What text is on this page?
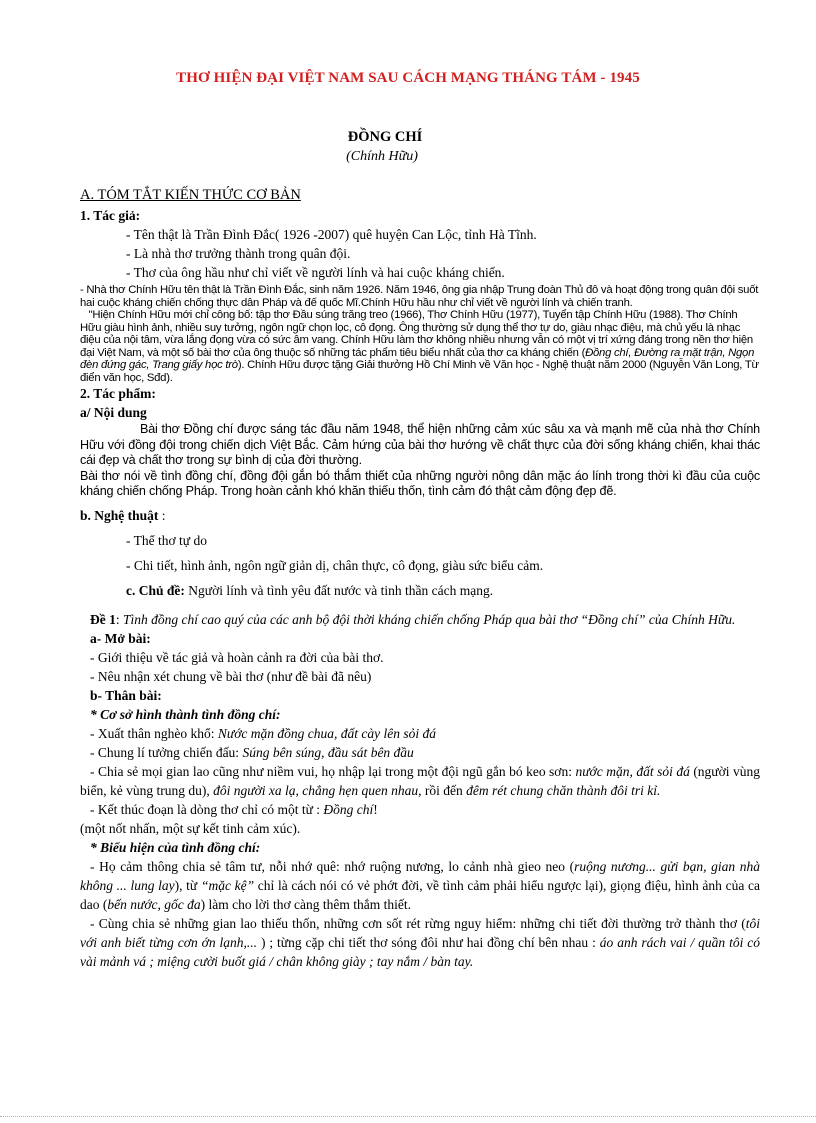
THƠ HIỆN ĐẠI VIỆT NAM SAU CÁCH MẠNG THÁNG TÁM - 1945
ĐỒNG CHÍ
(Chính Hữu)
A. TÓM TẮT KIẾN THỨC CƠ BẢN
1. Tác giả:
- Tên thật là Trần Đình Đắc( 1926 -2007) quê huyện Can Lộc, tỉnh Hà Tĩnh.
- Là nhà thơ trưởng thành trong quân đội.
- Thơ của ông hầu như chỉ viết về người lính và hai cuộc kháng chiến.

- Nhà thơ Chính Hữu tên thật là Trần Đình Đắc, sinh năm 1926. Năm 1946, ông gia nhập Trung đoàn Thủ đô và hoạt động trong quân đội suốt hai cuộc kháng chiến chống thực dân Pháp và đế quốc Mĩ.Chính Hữu hầu như chỉ viết về người lính và chiến tranh.

"Hiện Chính Hữu mới chỉ công bố: tập thơ Đầu súng trăng treo (1966), Thơ Chính Hữu (1977), Tuyển tập Chính Hữu (1988). Thơ Chính Hữu giàu hình ảnh, nhiều suy tưởng, ngôn ngữ chọn lọc, cô đọng. Ông thường sử dụng thể thơ tự do, giàu nhạc điệu, mà chủ yếu là nhạc điệu của nội tâm, vừa lắng đọng vừa có sức âm vang. Chính Hữu làm thơ không nhiều nhưng vẫn có một vị trí xứng đáng trong nền thơ hiện đại Việt Nam, và một số bài thơ của ông thuộc số những tác phẩm tiêu biểu nhất của thơ ca kháng chiến (Đồng chí, Đường ra mặt trận, Ngọn đèn đứng gác, Trang giấy học trò). Chính Hữu được tặng Giải thưởng Hồ Chí Minh về Văn học - Nghệ thuật năm 2000 (Nguyễn Văn Long, Từ điển văn học, Sđd).

2. Tác phẩm:
a/ Nội dung

Bài thơ Đồng chí được sáng tác đầu năm 1948, thể hiện những cảm xúc sâu xa và mạnh mẽ của nhà thơ Chính Hữu với đồng đội trong chiến dịch Việt Bắc. Cảm hứng của bài thơ hướng về chất thực của đời sống kháng chiến, khai thác cái đẹp và chất thơ trong sự bình dị của đời thường.

Bài thơ nói về tình đồng chí, đồng đội gắn bó thắm thiết của những người nông dân mặc áo lính trong thời kì đầu của cuộc kháng chiến chống Pháp. Trong hoàn cảnh khó khăn thiếu thốn, tình cảm đó thật cảm động đẹp đẽ.

b. Nghệ thuật :
- Thể thơ tự do
- Chi tiết, hình ảnh, ngôn ngữ giản dị, chân thực, cô đọng, giàu sức biểu cảm.
c. Chủ đề: Người lính và tình yêu đất nước và tinh thần cách mạng.

Đề 1: Tình đồng chí cao quý của các anh bộ đội thời kháng chiến chống Pháp qua bài thơ “Đồng chí” của Chính Hữu.

a- Mở bài:
- Giới thiệu về tác giả và hoàn cảnh ra đời của bài thơ.
- Nêu nhận xét chung về bài thơ (như đề bài đã nêu)
b- Thân bài:
* Cơ sở hình thành tình đồng chí:
- Xuất thân nghèo khổ: Nước mặn đồng chua, đất cày lên sỏi đá
- Chung lí tưởng chiến đấu: Súng bên súng, đầu sát bên đầu

- Chia sẻ mọi gian lao cũng như niềm vui, họ nhập lại trong một đội ngũ gắn bó keo sơn: nước mặn, đất sỏi đá (người vùng biển, kẻ vùng trung du), đôi người xa lạ, chẳng hẹn quen nhau, rồi đến đêm rét chung chăn thành đôi tri kỉ.

- Kết thúc đoạn là dòng thơ chỉ có một từ : Đồng chí!
(một nốt nhấn, một sự kết tinh cảm xúc).
* Biểu hiện của tình đồng chí:

- Họ cảm thông chia sẻ tâm tư, nỗi nhớ quê: nhớ ruộng nương, lo cảnh nhà gieo neo (ruộng nương... gửi bạn, gian nhà không ... lung lay), từ “mặc kệ” chỉ là cách nói có vẻ phớt đời, về tình cảm phải hiểu ngược lại), giọng điệu, hình ảnh của ca dao (bến nước, gốc đa) làm cho lời thơ càng thêm thắm thiết.

- Cùng chia sẻ những gian lao thiếu thốn, những cơn sốt rét rừng nguy hiểm: những chi tiết đời thường trở thành thơ (tôi với anh biết từng cơn ớn lạnh,... ) ; từng cặp chi tiết thơ sóng đôi như hai đồng chí bên nhau : áo anh rách vai / quần tôi có vài mảnh vá ; miệng cười buốt giá / chân không giày ; tay nắm / bàn tay.
